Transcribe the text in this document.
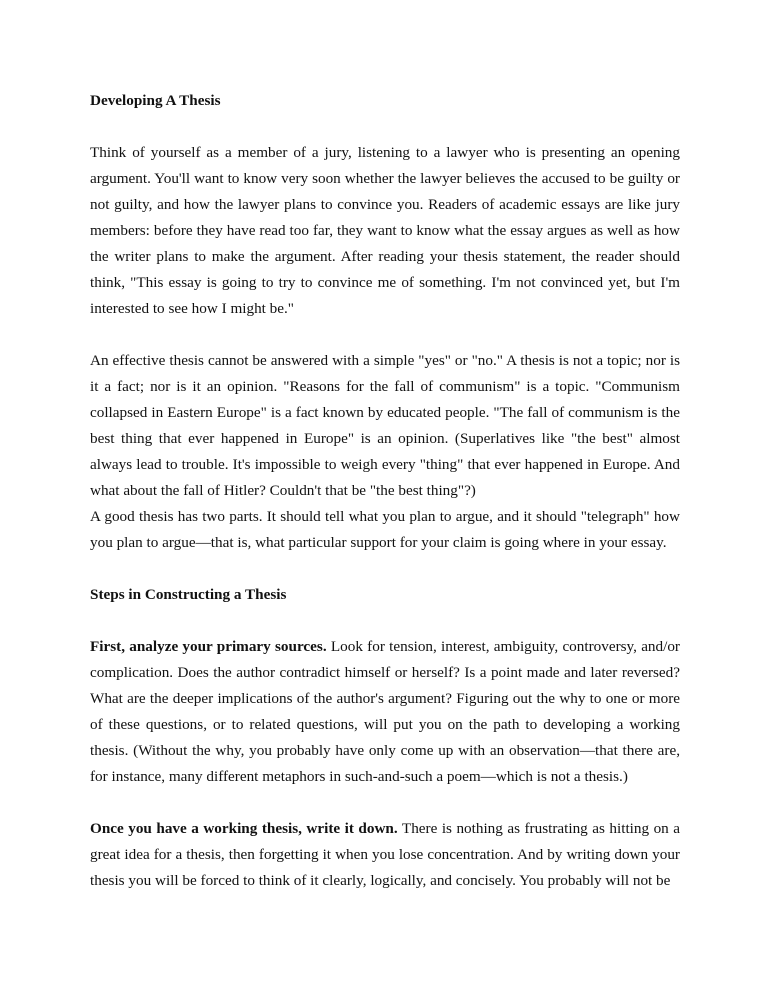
Developing A Thesis

Think of yourself as a member of a jury, listening to a lawyer who is presenting an opening argument. You'll want to know very soon whether the lawyer believes the accused to be guilty or not guilty, and how the lawyer plans to convince you. Readers of academic essays are like jury members: before they have read too far, they want to know what the essay argues as well as how the writer plans to make the argument. After reading your thesis statement, the reader should think, "This essay is going to try to convince me of something. I'm not convinced yet, but I'm interested to see how I might be."

An effective thesis cannot be answered with a simple "yes" or "no." A thesis is not a topic; nor is it a fact; nor is it an opinion. "Reasons for the fall of communism" is a topic. "Communism collapsed in Eastern Europe" is a fact known by educated people. "The fall of communism is the best thing that ever happened in Europe" is an opinion. (Superlatives like "the best" almost always lead to trouble. It's impossible to weigh every "thing" that ever happened in Europe. And what about the fall of Hitler? Couldn't that be "the best thing"?)

A good thesis has two parts. It should tell what you plan to argue, and it should "telegraph" how you plan to argue—that is, what particular support for your claim is going where in your essay.

Steps in Constructing a Thesis

First, analyze your primary sources. Look for tension, interest, ambiguity, controversy, and/or complication. Does the author contradict himself or herself? Is a point made and later reversed? What are the deeper implications of the author's argument? Figuring out the why to one or more of these questions, or to related questions, will put you on the path to developing a working thesis. (Without the why, you probably have only come up with an observation—that there are, for instance, many different metaphors in such-and-such a poem—which is not a thesis.)

Once you have a working thesis, write it down. There is nothing as frustrating as hitting on a great idea for a thesis, then forgetting it when you lose concentration. And by writing down your thesis you will be forced to think of it clearly, logically, and concisely. You probably will not be
